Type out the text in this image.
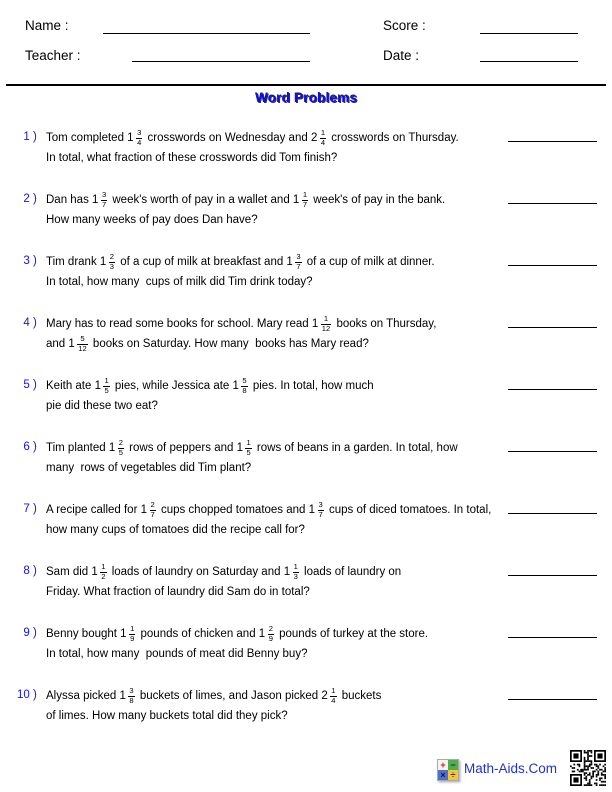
Name :	Score :
Teacher :	Date :
Word Problems
1 ) Tom completed $1 \frac{3}{4}$ crosswords on Wednesday and $2 \frac{1}{4}$ crosswords on Thursday.
In total, what fraction of these crosswords did Tom finish?
2 ) Dan has $1 \frac{3}{7}$ week's worth of pay in a wallet and $1 \frac{1}{7}$ week's of pay in the bank.
How many weeks of pay does Dan have?
3 ) Tim drank $1 \frac{2}{3}$ of a cup of milk at breakfast and $1 \frac{3}{7}$ of a cup of milk at dinner.
In total, how many  cups of milk did Tim drink today?
4 ) Mary has to read some books for school. Mary read $1 \frac{1}{12}$ books on Thursday,
and $1 \frac{5}{12}$ books on Saturday. How many  books has Mary read?
5 ) Keith ate $1 \frac{1}{5}$ pies, while Jessica ate $1 \frac{5}{8}$ pies. In total, how much
pie did these two eat?
6 ) Tim planted $1 \frac{2}{5}$ rows of peppers and $1 \frac{1}{5}$ rows of beans in a garden. In total, how
many  rows of vegetables did Tim plant?
7 ) A recipe called for $1 \frac{2}{7}$ cups chopped tomatoes and $1 \frac{3}{7}$ cups of diced tomatoes. In total,
how many cups of tomatoes did the recipe call for?
8 ) Sam did $1 \frac{1}{2}$ loads of laundry on Saturday and $1 \frac{1}{3}$ loads of laundry on
Friday. What fraction of laundry did Sam do in total?
9 ) Benny bought $1 \frac{1}{9}$ pounds of chicken and $1 \frac{2}{9}$ pounds of turkey at the store.
In total, how many  pounds of meat did Benny buy?
10 ) Alyssa picked $1 \frac{3}{8}$ buckets of limes, and Jason picked $2 \frac{1}{4}$ buckets
of limes. How many buckets total did they pick?
+ −
× ÷ Math-Aids.Com
